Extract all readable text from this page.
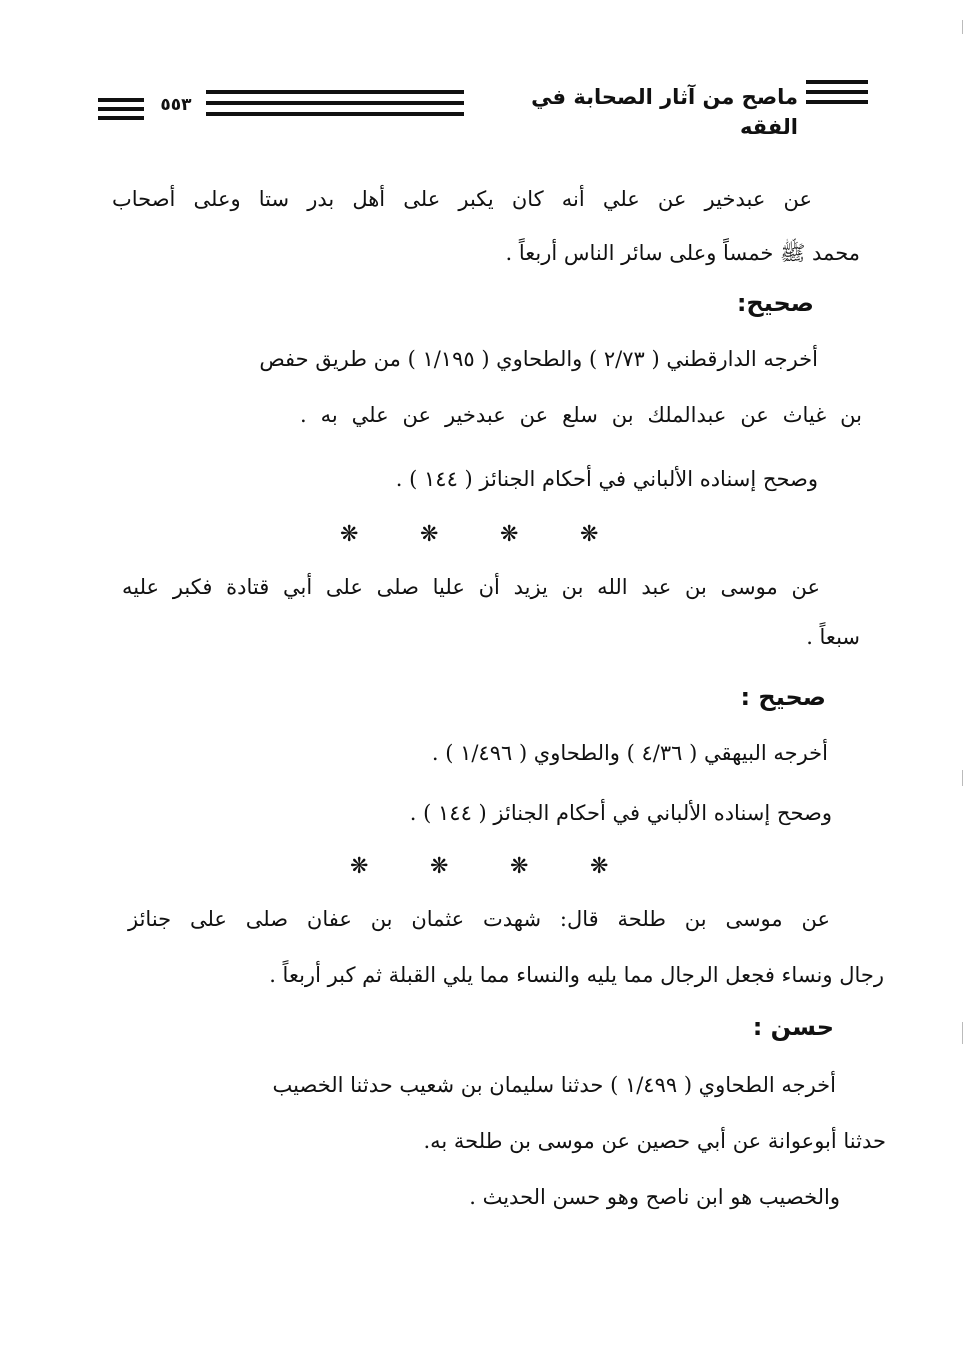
ماصح من آثار الصحابة في الفقه
٥٥٣
عن عبدخير عن علي أنه كان يكبر على أهل بدر ستا وعلى أصحاب
محمد ﷺ خمساً وعلى سائر الناس أربعاً .
صحيح:
أخرجه الدارقطني ( ٢/٧٣ ) والطحاوي ( ١/١٩٥ ) من طريق حفص
بن غياث عن عبدالملك بن سلع عن عبدخير عن علي به .
وصحح إسناده الألباني في أحكام الجنائز ( ١٤٤ ) .
❋	❋	❋	❋
عن موسى بن عبد الله بن يزيد أن عليا صلى على أبي قتادة فكبر عليه
سبعاً .
صحيح :
أخرجه البيهقي ( ٤/٣٦ ) والطحاوي ( ١/٤٩٦ ) .
وصحح إسناده الألباني في أحكام الجنائز ( ١٤٤ ) .
❋	❋	❋	❋
عن موسى بن طلحة قال: شهدت عثمان بن عفان صلى على جنائز
رجال ونساء فجعل الرجال مما يليه والنساء مما يلي القبلة ثم كبر أربعاً .
حسن :
أخرجه الطحاوي ( ١/٤٩٩ ) حدثنا سليمان بن شعيب حدثنا الخصيب
حدثنا أبوعوانة عن أبي حصين عن موسى بن طلحة به.
والخصيب هو ابن ناصح وهو حسن الحديث .
